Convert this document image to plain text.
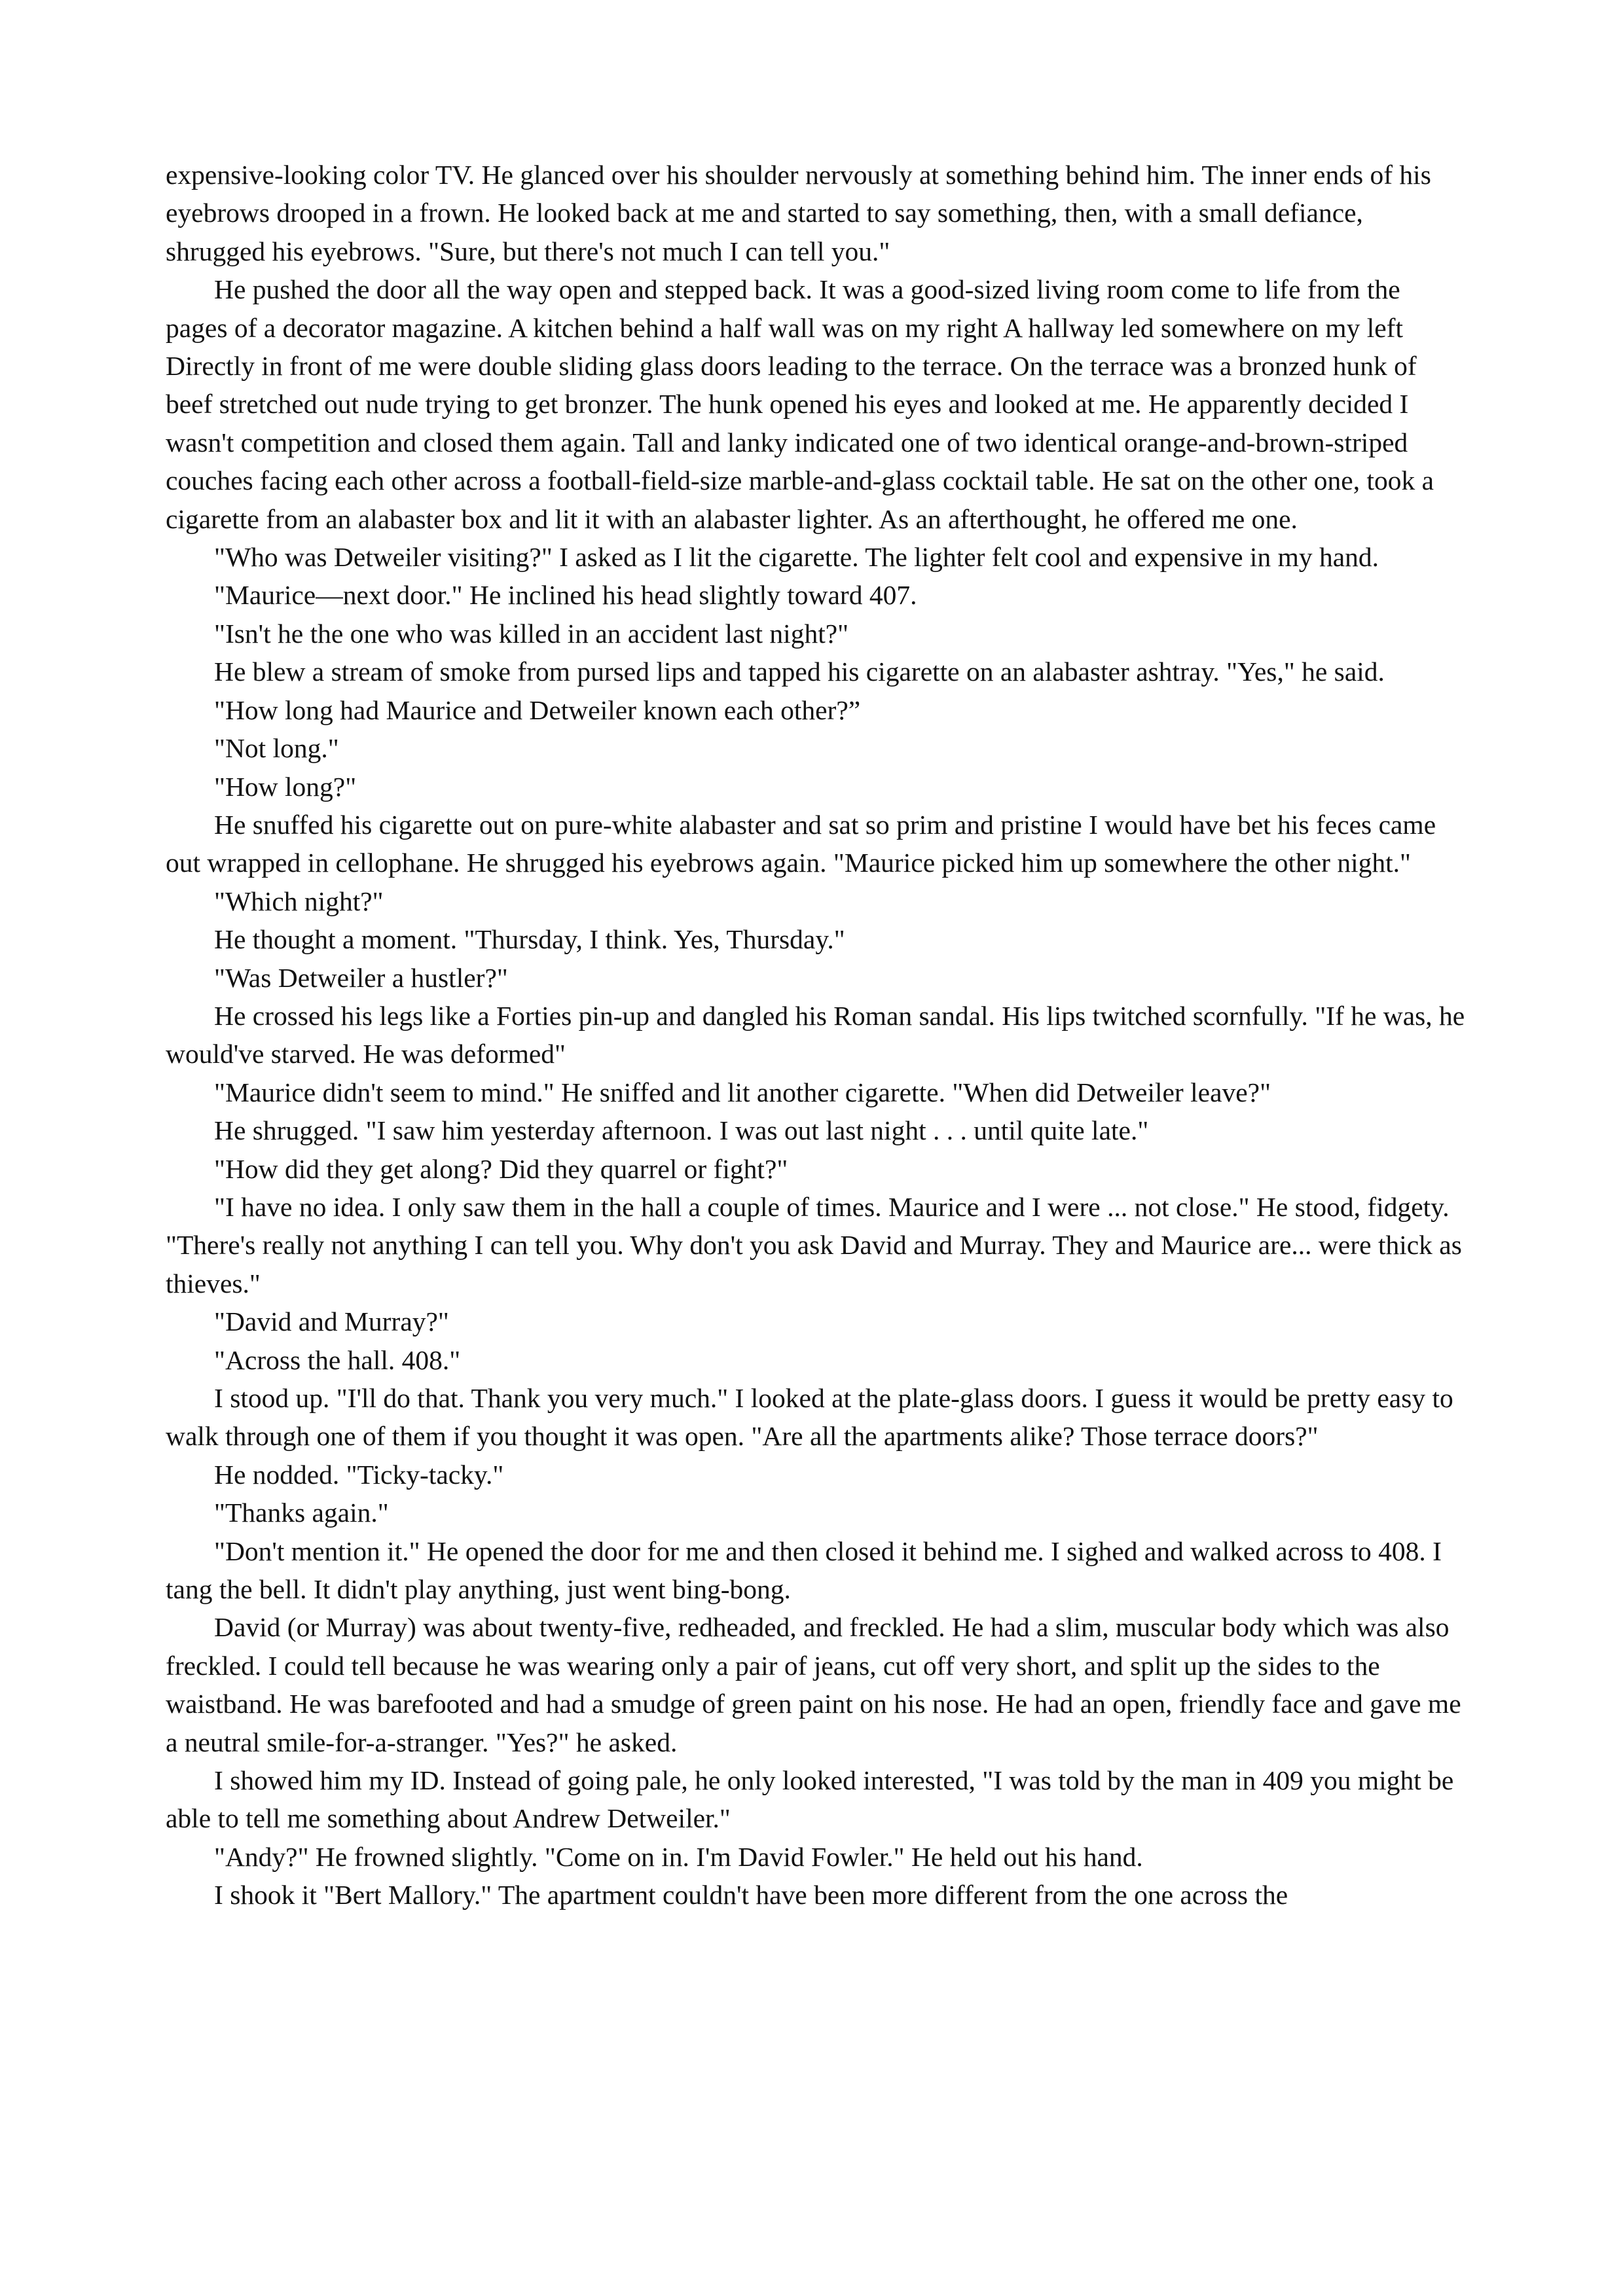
expensive-looking color TV. He glanced over his shoulder nervously at something behind him. The inner ends of his eyebrows drooped in a frown. He looked back at me and started to say something, then, with a small defiance, shrugged his eyebrows. "Sure, but there's not much I can tell you."

He pushed the door all the way open and stepped back. It was a good-sized living room come to life from the pages of a decorator magazine. A kitchen behind a half wall was on my right A hallway led somewhere on my left Directly in front of me were double sliding glass doors leading to the terrace. On the terrace was a bronzed hunk of beef stretched out nude trying to get bronzer. The hunk opened his eyes and looked at me. He apparently decided I wasn't competition and closed them again. Tall and lanky indicated one of two identical orange-and-brown-striped couches facing each other across a football-field-size marble-and-glass cocktail table. He sat on the other one, took a cigarette from an alabaster box and lit it with an alabaster lighter. As an afterthought, he offered me one.

"Who was Detweiler visiting?" I asked as I lit the cigarette. The lighter felt cool and expensive in my hand.

"Maurice—next door." He inclined his head slightly toward 407.

"Isn't he the one who was killed in an accident last night?"

He blew a stream of smoke from pursed lips and tapped his cigarette on an alabaster ashtray. "Yes," he said.

"How long had Maurice and Detweiler known each other?”

"Not long."

"How long?"

He snuffed his cigarette out on pure-white alabaster and sat so prim and pristine I would have bet his feces came out wrapped in cellophane. He shrugged his eyebrows again. "Maurice picked him up somewhere the other night."

"Which night?"

He thought a moment. "Thursday, I think. Yes, Thursday."

"Was Detweiler a hustler?"

He crossed his legs like a Forties pin-up and dangled his Roman sandal. His lips twitched scornfully. "If he was, he would've starved. He was deformed"

"Maurice didn't seem to mind." He sniffed and lit another cigarette. "When did Detweiler leave?"

He shrugged. "I saw him yesterday afternoon. I was out last night . . . until quite late."

"How did they get along? Did they quarrel or fight?"

"I have no idea. I only saw them in the hall a couple of times. Maurice and I were ... not close." He stood, fidgety. "There's really not anything I can tell you. Why don't you ask David and Murray. They and Maurice are... were thick as thieves."

"David and Murray?"

"Across the hall. 408."

I stood up. "I'll do that. Thank you very much." I looked at the plate-glass doors. I guess it would be pretty easy to walk through one of them if you thought it was open. "Are all the apartments alike? Those terrace doors?"

He nodded. "Ticky-tacky."

"Thanks again."

"Don't mention it." He opened the door for me and then closed it behind me. I sighed and walked across to 408. I tang the bell. It didn't play anything, just went bing-bong.

David (or Murray) was about twenty-five, redheaded, and freckled. He had a slim, muscular body which was also freckled. I could tell because he was wearing only a pair of jeans, cut off very short, and split up the sides to the waistband. He was barefooted and had a smudge of green paint on his nose. He had an open, friendly face and gave me a neutral smile-for-a-stranger. "Yes?" he asked.

I showed him my ID. Instead of going pale, he only looked interested, "I was told by the man in 409 you might be able to tell me something about Andrew Detweiler."

"Andy?" He frowned slightly. "Come on in. I'm David Fowler." He held out his hand.

I shook it "Bert Mallory." The apartment couldn't have been more different from the one across the
